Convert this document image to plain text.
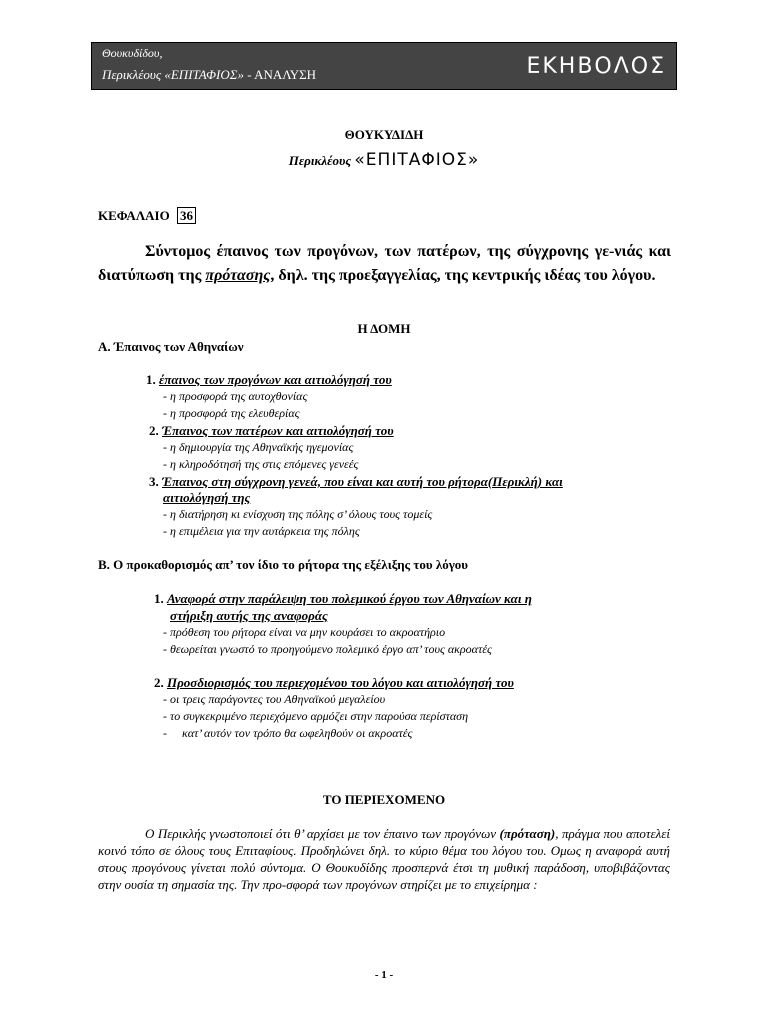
Θουκυδίδου,
Περικλέους «ΕΠΙΤΑΦΙΟΣ» - ΑΝΑΛΥΣΗ	ΕΚΗΒΟΛΟΣ
ΘΟΥΚΥΔΙΔΗ
Περικλέους «ΕΠΙΤΑΦΙΟΣ»
ΚΕΦΑΛΑΙΟ 36

Σύντομος έπαινος των προγόνων, των πατέρων, της σύγχρονης γε-νιάς και διατύπωση της πρότασης, δηλ. της προεξαγγελίας, της κεντρικής ιδέας του λόγου.

Η ΔΟΜΗ
Α. Έπαινος των Αθηναίων
1. έπαινος των προγόνων και αιτιολόγησή του
- η προσφορά της αυτοχθονίας
- η προσφορά της ελευθερίας
2. Έπαινος των πατέρων και αιτιολόγησή του
- η δημιουργία της Αθηναϊκής ηγεμονίας
- η κληροδότησή της στις επόμενες γενεές
3. Έπαινος στη σύγχρονη γενεά, που είναι και αυτή του ρήτορα(Περικλή) και
αιτιολόγησή της
- η διατήρηση κι ενίσχυση της πόλης σ’ όλους τους τομείς
- η επιμέλεια για την αυτάρκεια της πόλης
Β. Ο προκαθορισμός απ’ τον ίδιο το ρήτορα της εξέλιξης του λόγου
1. Αναφορά στην παράλειψη του πολεμικού έργου των Αθηναίων και η
στήριξη αυτής της αναφοράς
- πρόθεση του ρήτορα είναι να μην κουράσει το ακροατήριο
- θεωρείται γνωστό το προηγούμενο πολεμικό έργο απ’ τους ακροατές
2. Προσδιορισμός του περιεχομένου του λόγου και αιτιολόγησή του
- οι τρεις παράγοντες του Αθηναϊκού μεγαλείου
- το συγκεκριμένο περιεχόμενο αρμόζει στην παρούσα περίσταση
-     κατ’ αυτόν τον τρόπο θα ωφεληθούν οι ακροατές
ΤΟ ΠΕΡΙΕΧΟΜΕΝΟ

Ο Περικλής γνωστοποιεί ότι θ’ αρχίσει με τον έπαινο των προγόνων (πρόταση), πράγμα που αποτελεί κοινό τόπο σε όλους τους Επιταφίους. Προδηλώνει δηλ. το κύριο θέμα του λόγου του. Ομως η αναφορά αυτή στους προγόνους γίνεται πολύ σύντομα. Ο Θουκυδίδης προσπερνά έτσι τη μυθική παράδοση, υποβιβάζοντας στην ουσία τη σημασία της. Την προ-σφορά των προγόνων στηρίζει με το επιχείρημα :

- 1 -
